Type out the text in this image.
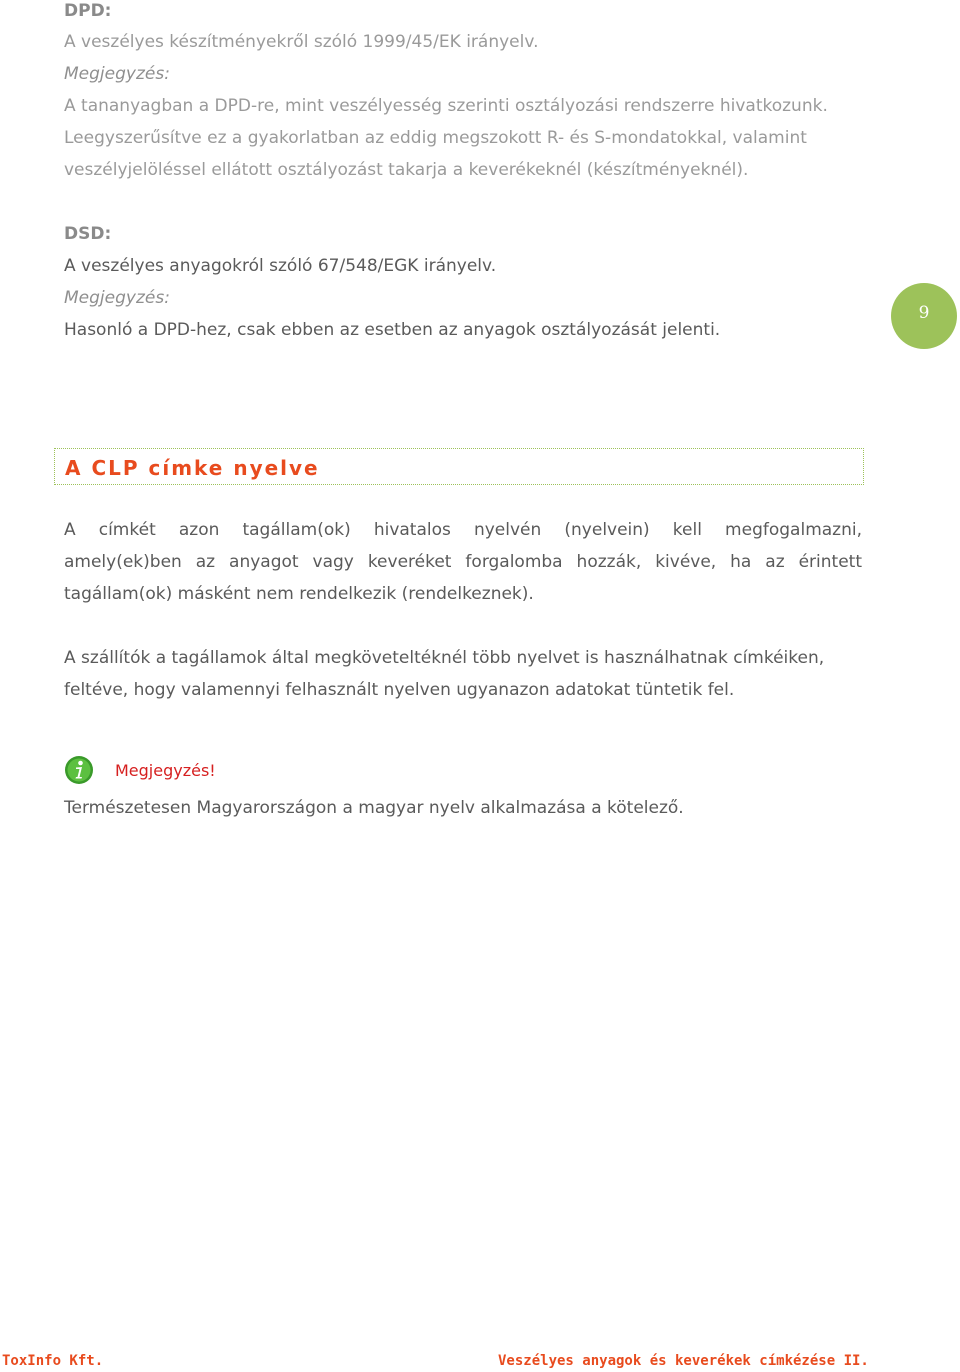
DPD:
A veszélyes készítményekről szóló 1999/45/EK irányelv.
Megjegyzés:
A tananyagban a DPD-re, mint veszélyesség szerinti osztályozási rendszerre hivatkozunk.
Leegyszerűsítve ez a gyakorlatban az eddig megszokott R- és S-mondatokkal, valamint
veszélyjelöléssel ellátott osztályozást takarja a keverékeknél (készítményeknél).
DSD:
A veszélyes anyagokról szóló 67/548/EGK irányelv.
Megjegyzés:
Hasonló a DPD-hez, csak ebben az esetben az anyagok osztályozását jelenti.
9
A CLP címke nyelve
A címkét azon tagállam(ok) hivatalos nyelvén (nyelvein) kell megfogalmazni,
amely(ek)ben az anyagot vagy keveréket forgalomba hozzák, kivéve, ha az érintett
tagállam(ok) másként nem rendelkezik (rendelkeznek).
A szállítók a tagállamok által megköveteltéknél több nyelvet is használhatnak címkéiken,
feltéve, hogy valamennyi felhasznált nyelven ugyanazon adatokat tüntetik fel.
Megjegyzés!
Természetesen Magyarországon a magyar nyelv alkalmazása a kötelező.
ToxInfo Kft.	Veszélyes anyagok és keverékek címkézése II.
